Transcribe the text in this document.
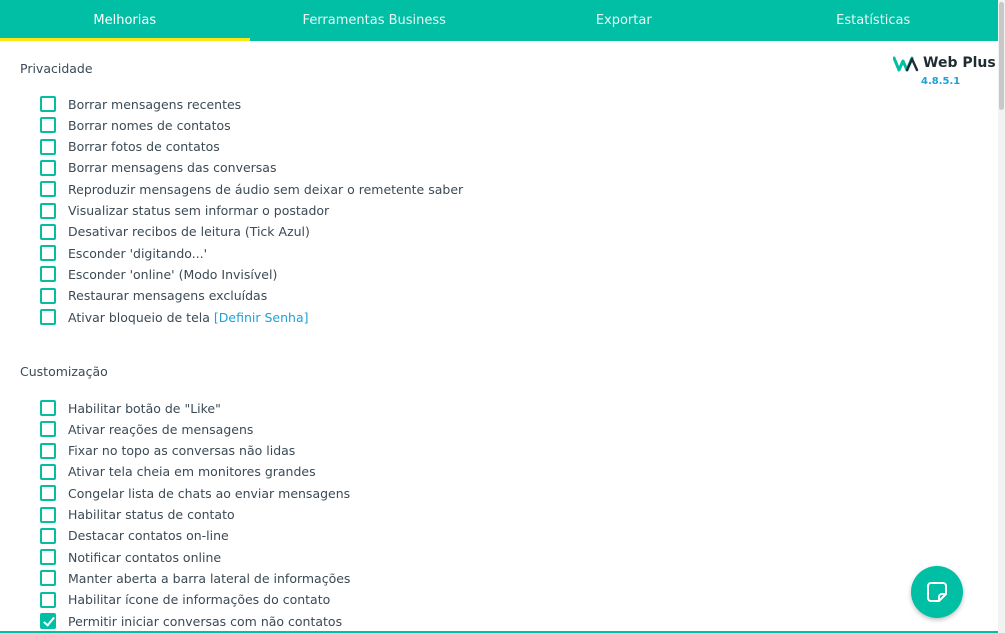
Melhorias	Ferramentas Business	Exportar	Estatísticas
Web Plus
4.8.5.1
Privacidade
Borrar mensagens recentes
Borrar nomes de contatos
Borrar fotos de contatos
Borrar mensagens das conversas
Reproduzir mensagens de áudio sem deixar o remetente saber
Visualizar status sem informar o postador
Desativar recibos de leitura (Tick Azul)
Esconder 'digitando...'
Esconder 'online' (Modo Invisível)
Restaurar mensagens excluídas
Ativar bloqueio de tela [Definir Senha]
Customização
Habilitar botão de "Like"
Ativar reações de mensagens
Fixar no topo as conversas não lidas
Ativar tela cheia em monitores grandes
Congelar lista de chats ao enviar mensagens
Habilitar status de contato
Destacar contatos on-line
Notificar contatos online
Manter aberta a barra lateral de informações
Habilitar ícone de informações do contato
Permitir iniciar conversas com não contatos
